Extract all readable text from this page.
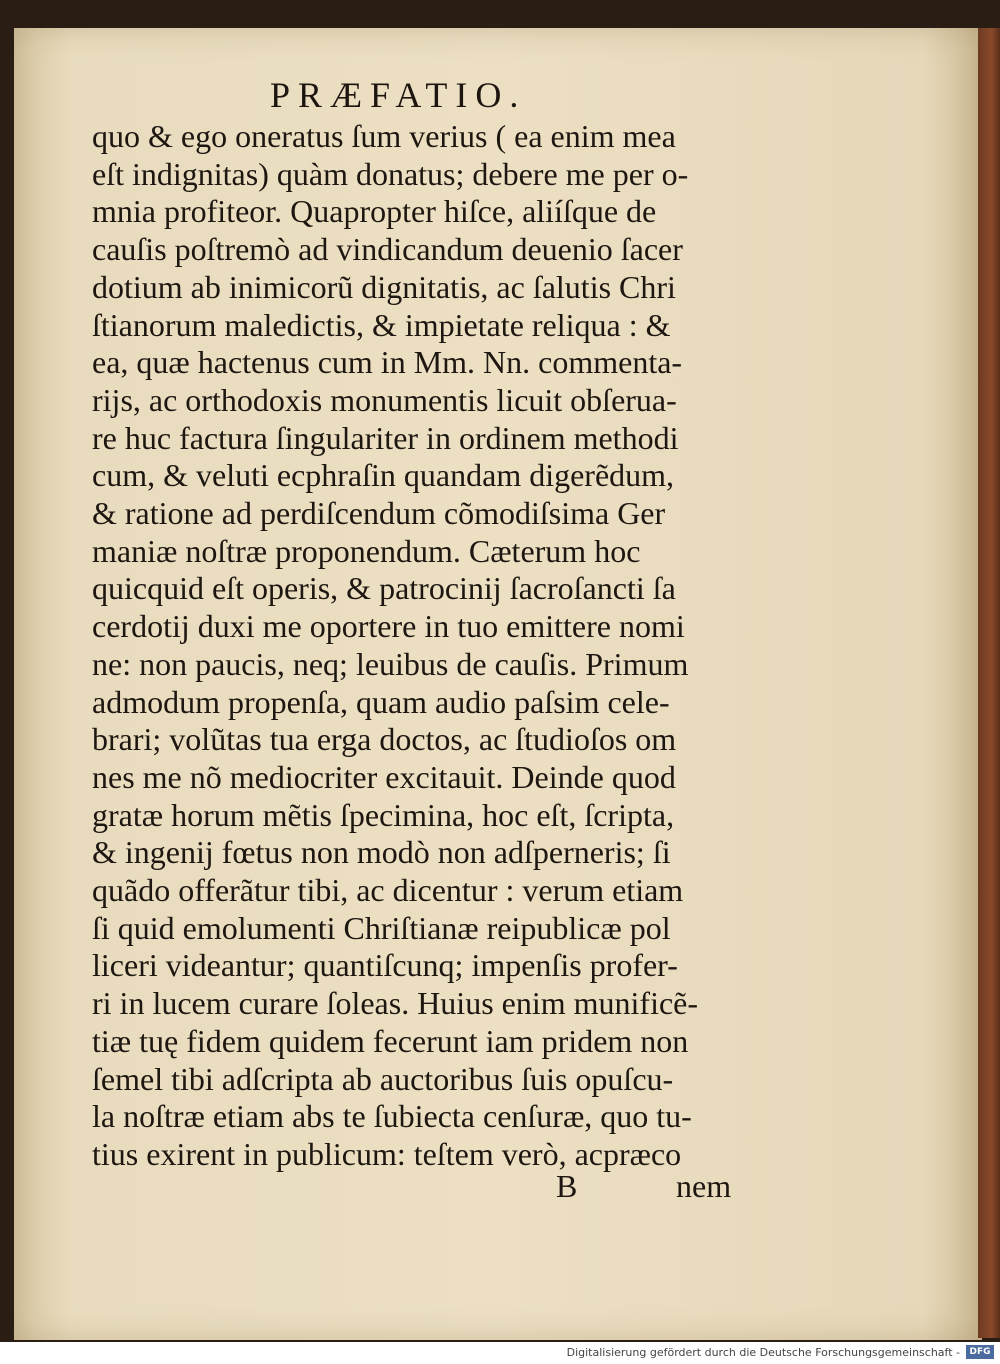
PRÆFATIO.
quo & ego oneratus ſum verius ( ea enim mea
eſt indignitas) quàm donatus; debere me per o-
mnia profiteor. Quapropter hiſce, aliíſque de
cauſis poſtremò ad vindicandum deuenio ſacer
dotium ab inimicorũ dignitatis, ac ſalutis Chri
ſtianorum maledictis, & impietate reliqua : &
ea, quæ hactenus cum in Mm. Nn. commenta-
rijs, ac orthodoxis monumentis licuit obſerua-
re huc factura ſingulariter in ordinem methodi
cum, & veluti ecphraſin quandam digerẽdum,
& ratione ad perdiſcendum cõmodiſsima Ger
maniæ noſtræ proponendum. Cæterum hoc
quicquid eſt operis, & patrocinij ſacroſancti ſa
cerdotij duxi me oportere in tuo emittere nomi
ne: non paucis, neq; leuibus de cauſis. Primum
admodum propenſa, quam audio paſsim cele-
brari; volũtas tua erga doctos, ac ſtudioſos om
nes me nõ mediocriter excitauit. Deinde quod
gratæ horum mẽtis ſpecimina, hoc eſt, ſcripta,
& ingenij fœtus non modò non adſperneris; ſi
quãdo offerãtur tibi, ac dicentur : verum etiam
ſi quid emolumenti Chriſtianæ reipublicæ pol
liceri videantur; quantiſcunq; impenſis profer-
ri in lucem curare ſoleas. Huius enim munificẽ-
tiæ tuę fidem quidem fecerunt iam pridem non
ſemel tibi adſcripta ab auctoribus ſuis opuſcu-
la noſtræ etiam abs te ſubiecta cenſuræ, quo tu-
tius exirent in publicum: teſtem verò, acpræco
B	nem
Digitalisierung gefördert durch die Deutsche Forschungsgemeinschaft -	DFG
